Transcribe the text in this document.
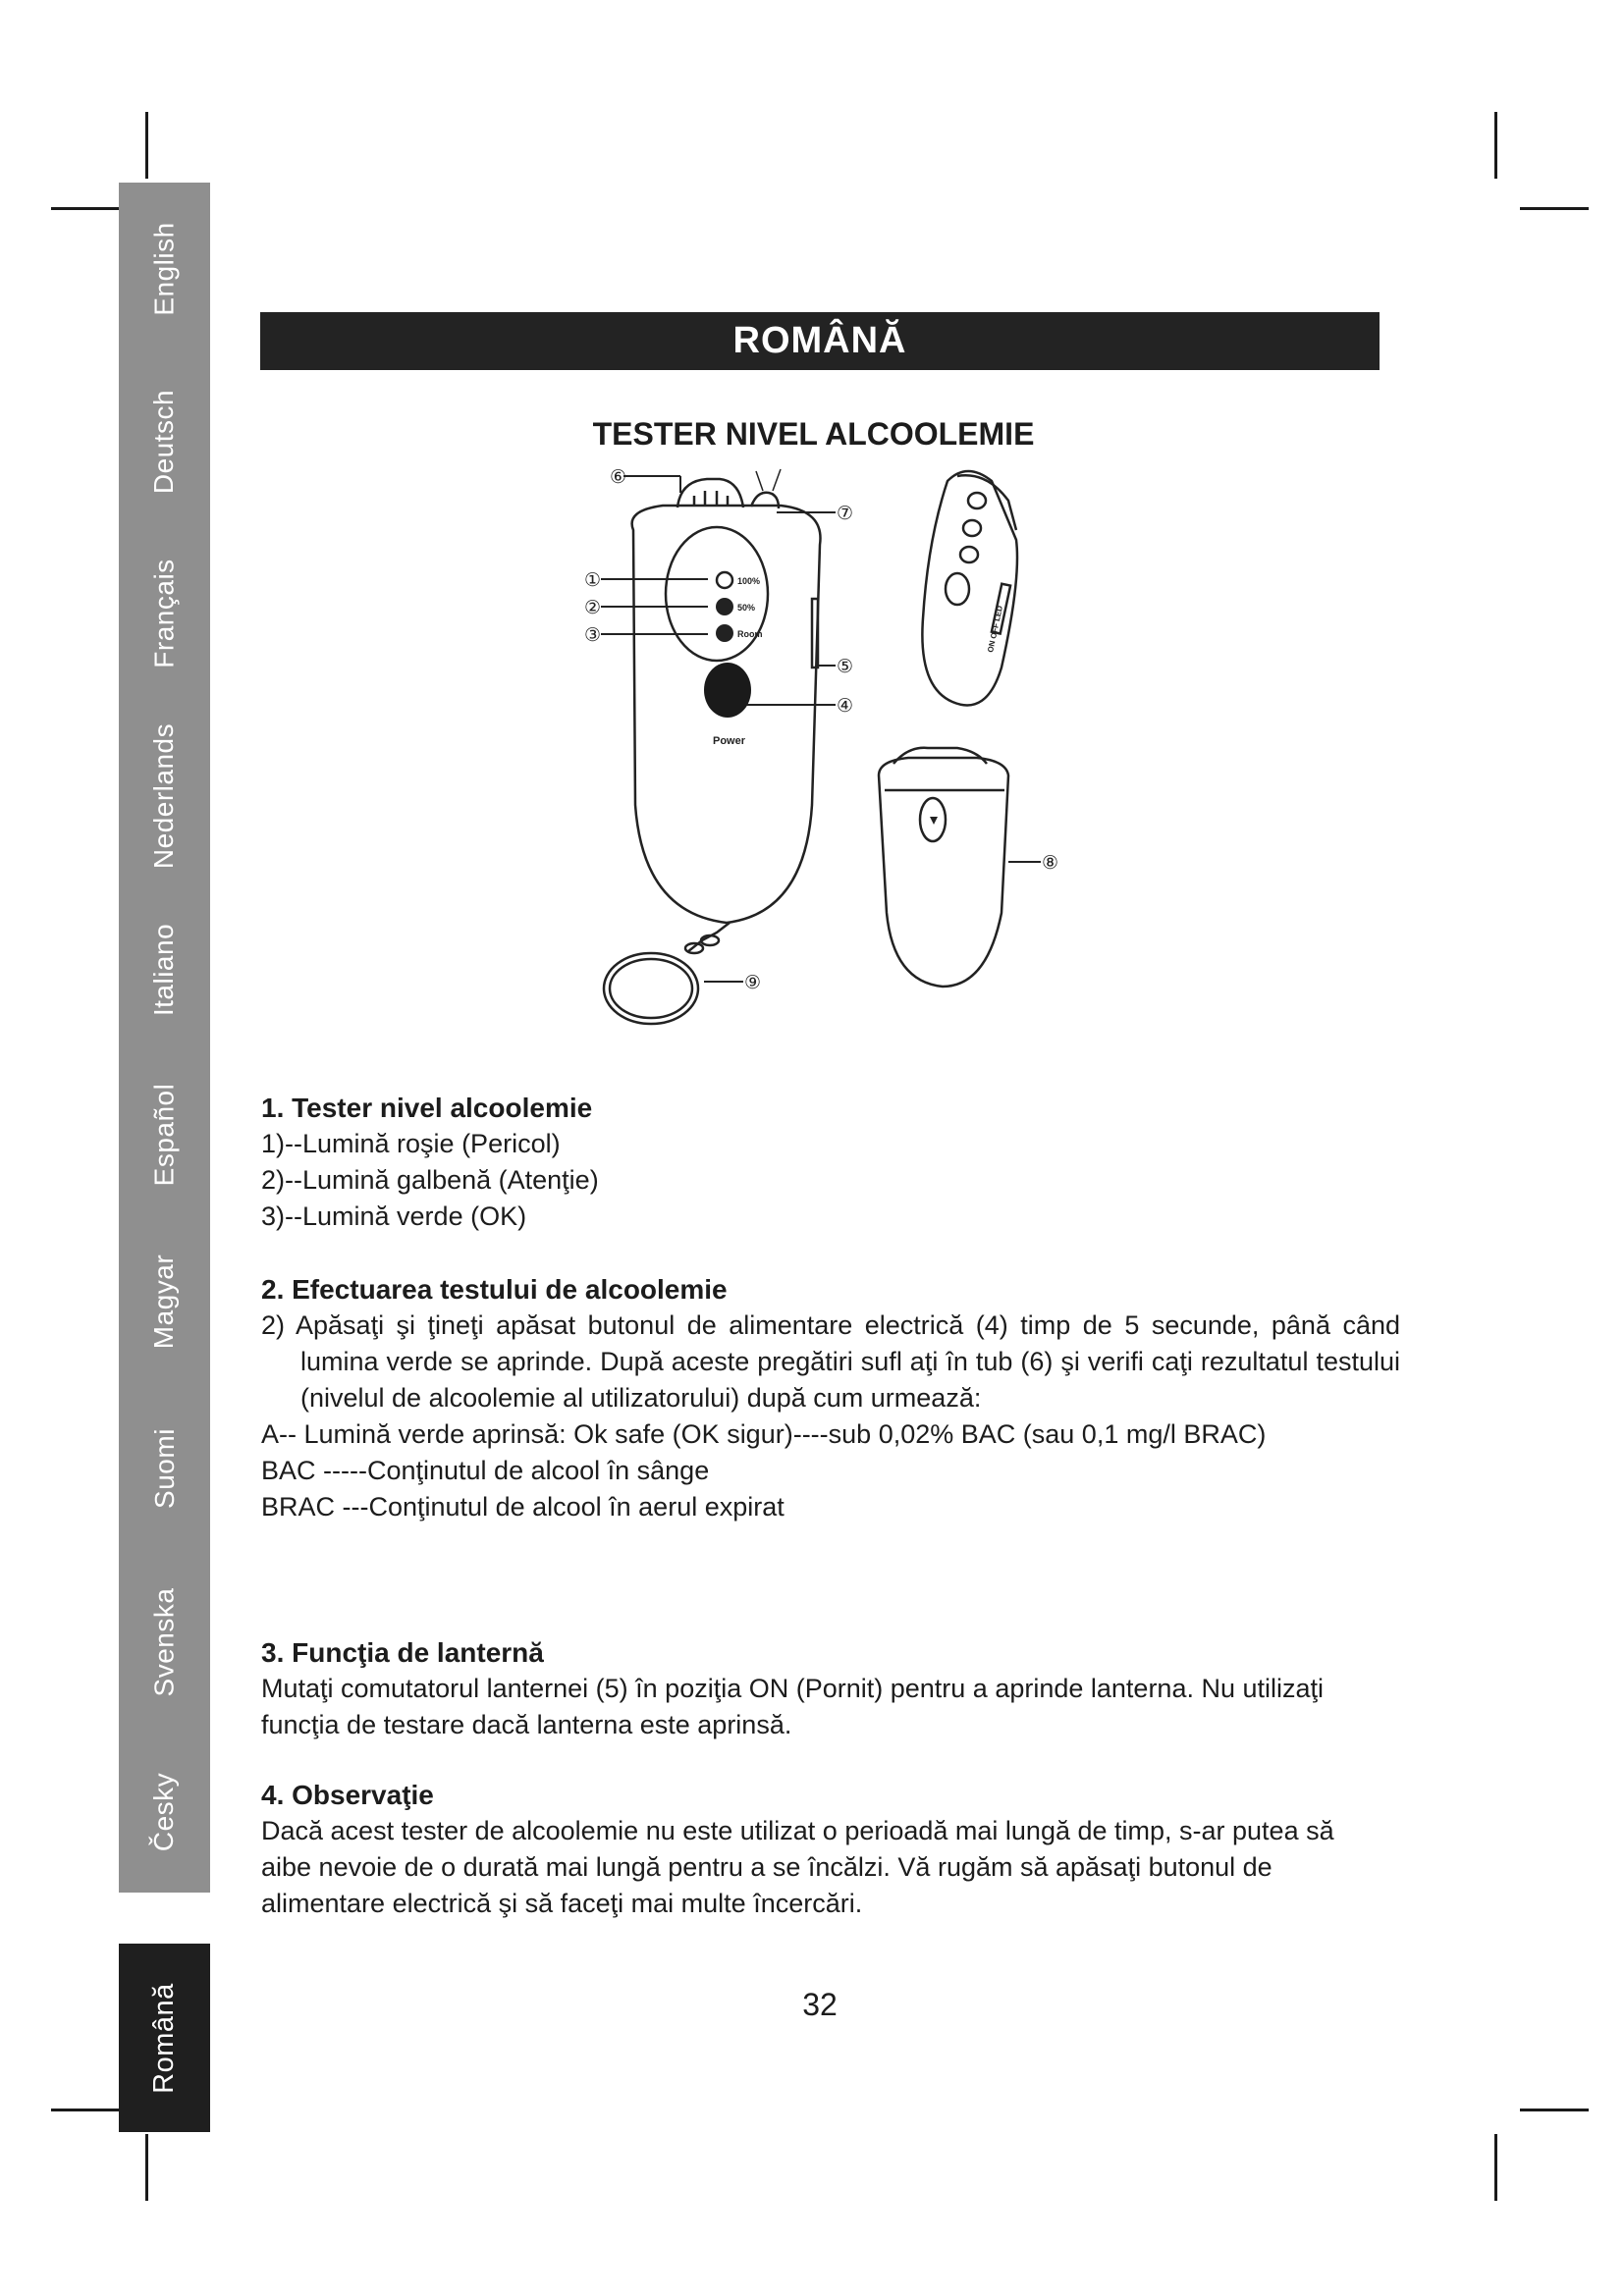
English
Deutsch
Français
Nederlands
Italiano
Español
Magyar
Suomi
Svenska
Česky
Română
ROMÂNĂ
TESTER NIVEL ALCOOLEMIE
100%
50%
Room
Power
ON OFF LED
⑥
⑦
①
②
③
⑤
④
⑧
⑨
1. Tester nivel alcoolemie

1)--Lumină roşie (Pericol)

2)--Lumină galbenă (Atenţie)

3)--Lumină verde (OK)

2. Efectuarea testului de alcoolemie

2) Apăsaţi şi ţineţi apăsat butonul de alimentare electrică (4) timp de 5 secunde, până când lumina verde se aprinde. După aceste pregătiri sufl aţi în tub (6) şi verifi caţi rezultatul testului (nivelul de alcoolemie al utilizatorului) după cum urmează:

A-- Lumină verde aprinsă: Ok safe (OK sigur)----sub 0,02% BAC (sau 0,1 mg/l BRAC)

BAC -----Conţinutul de alcool în sânge

BRAC ---Conţinutul de alcool în aerul expirat

3. Funcţia de lanternă

Mutaţi comutatorul lanternei (5) în poziţia ON (Pornit) pentru a aprinde lanterna. Nu utilizaţi funcţia de testare dacă lanterna este aprinsă.

4. Observaţie

Dacă acest tester de alcoolemie nu este utilizat o perioadă mai lungă de timp, s-ar putea să aibe nevoie de o durată mai lungă pentru a se încălzi. Vă rugăm să apăsaţi butonul de alimentare electrică şi să faceţi mai multe încercări.

32
